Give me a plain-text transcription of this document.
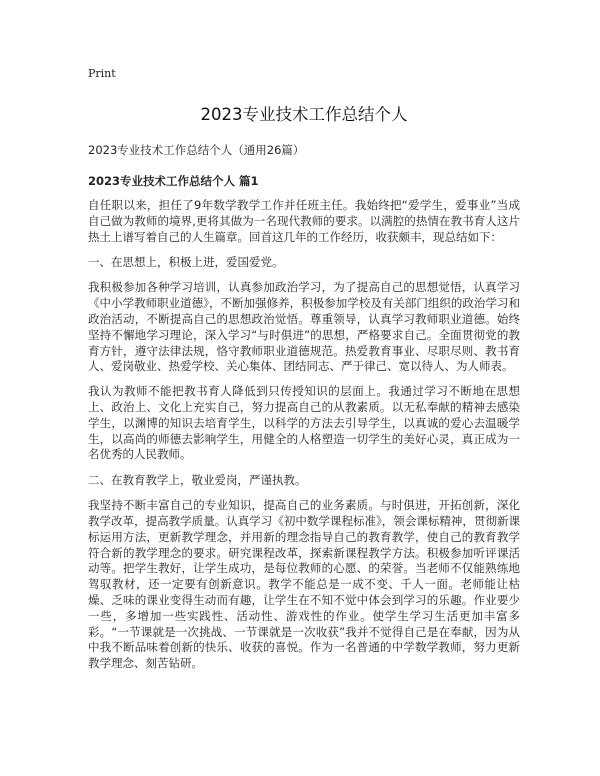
Print
2023专业技术工作总结个人
2023专业技术工作总结个人（通用26篇）
2023专业技术工作总结个人 篇1

自任职以来，担任了9年数学教学工作并任班主任。我始终把“爱学生，爱事业”当成自己做为教师的境界,更将其做为一名现代教师的要求。以满腔的热情在教书育人这片热土上谱写着自己的人生篇章。回首这几年的工作经历，收获颇丰，现总结如下：

一、在思想上，积极上进，爱国爱党。

我积极参加各种学习培训，认真参加政治学习，为了提高自己的思想觉悟，认真学习《中小学教师职业道德》，不断加强修养，积极参加学校及有关部门组织的政治学习和政治活动，不断提高自己的思想政治觉悟。尊重领导，认真学习教师职业道德。始终坚持不懈地学习理论，深入学习“与时俱进”的思想，严格要求自己。全面贯彻党的教育方针，遵守法律法规，恪守教师职业道德规范。热爱教育事业、尽职尽则、教书育人、爱岗敬业、热爱学校、关心集体、团结同志、严于律己、宽以待人、为人师表。

我认为教师不能把教书育人降低到只传授知识的层面上。我通过学习不断地在思想上、政治上、文化上充实自己，努力提高自己的从教素质。以无私奉献的精神去感染学生，以渊博的知识去培育学生，以科学的方法去引导学生，以真诚的爱心去温暖学生，以高尚的师德去影响学生，用健全的人格塑造一切学生的美好心灵，真正成为一名优秀的人民教师。

二、在教育教学上，敬业爱岗，严谨执教。

我坚持不断丰富自己的专业知识，提高自己的业务素质。与时俱进，开拓创新，深化教学改革，提高教学质量。认真学习《初中数学课程标准》，领会课标精神，贯彻新课标运用方法，更新教学理念，并用新的理念指导自己的教育教学，使自己的教育教学符合新的教学理念的要求。研究课程改革，探索新课程教学方法。积极参加听评课活动等。把学生教好，让学生成功，是每位教师的心愿、的荣誉。当老师不仅能熟练地驾驭教材，还一定要有创新意识。教学不能总是一成不变、千人一面。老师能让枯燥、乏味的课业变得生动而有趣，让学生在不知不觉中体会到学习的乐趣。作业要少一些，多增加一些实践性、活动性、游戏性的作业。使学生学习生活更加丰富多彩。“一节课就是一次挑战、一节课就是一次收获”我并不觉得自己是在奉献，因为从中我不断品味着创新的快乐、收获的喜悦。作为一名普通的中学数学教师，努力更新教学理念、刻苦钻研。
